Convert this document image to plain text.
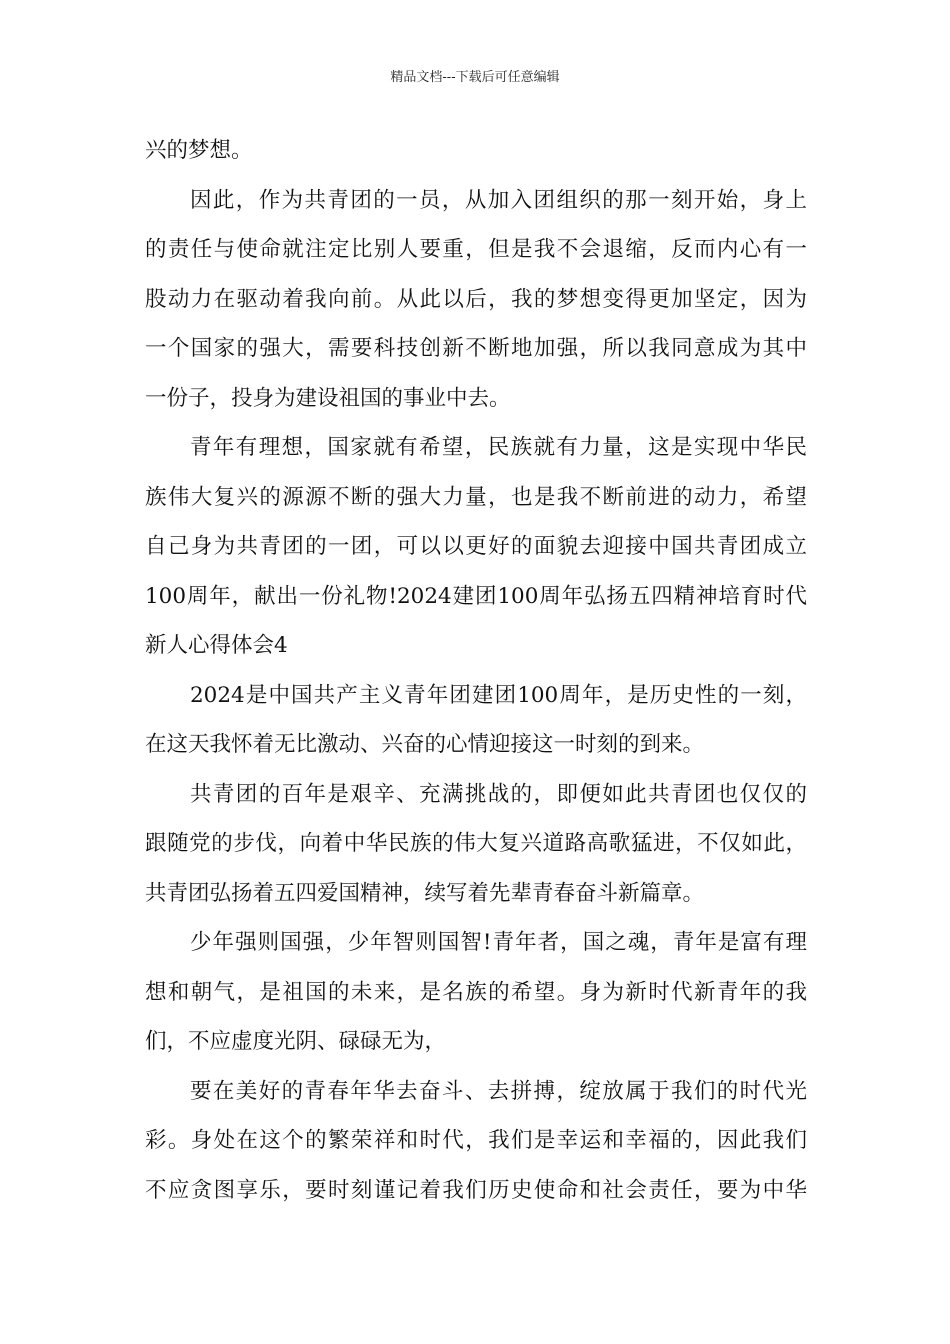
精品文档---下载后可任意编辑
兴的梦想。
因此，作为共青团的一员，从加入团组织的那一刻开始，身上
的责任与使命就注定比别人要重，但是我不会退缩，反而内心有一
股动力在驱动着我向前。从此以后，我的梦想变得更加坚定，因为
一个国家的强大，需要科技创新不断地加强，所以我同意成为其中
一份子，投身为建设祖国的事业中去。
青年有理想，国家就有希望，民族就有力量，这是实现中华民
族伟大复兴的源源不断的强大力量，也是我不断前进的动力，希望
自己身为共青团的一团，可以以更好的面貌去迎接中国共青团成立
100周年，献出一份礼物!2024建团100周年弘扬五四精神培育时代
新人心得体会4
2024是中国共产主义青年团建团100周年，是历史性的一刻，
在这天我怀着无比激动、兴奋的心情迎接这一时刻的到来。
共青团的百年是艰辛、充满挑战的，即便如此共青团也仅仅的
跟随党的步伐，向着中华民族的伟大复兴道路高歌猛进，不仅如此，
共青团弘扬着五四爱国精神，续写着先辈青春奋斗新篇章。
少年强则国强，少年智则国智!青年者，国之魂，青年是富有理
想和朝气，是祖国的未来，是名族的希望。身为新时代新青年的我
们，不应虚度光阴、碌碌无为，
要在美好的青春年华去奋斗、去拼搏，绽放属于我们的时代光
彩。身处在这个的繁荣祥和时代，我们是幸运和幸福的，因此我们
不应贪图享乐，要时刻谨记着我们历史使命和社会责任，要为中华
